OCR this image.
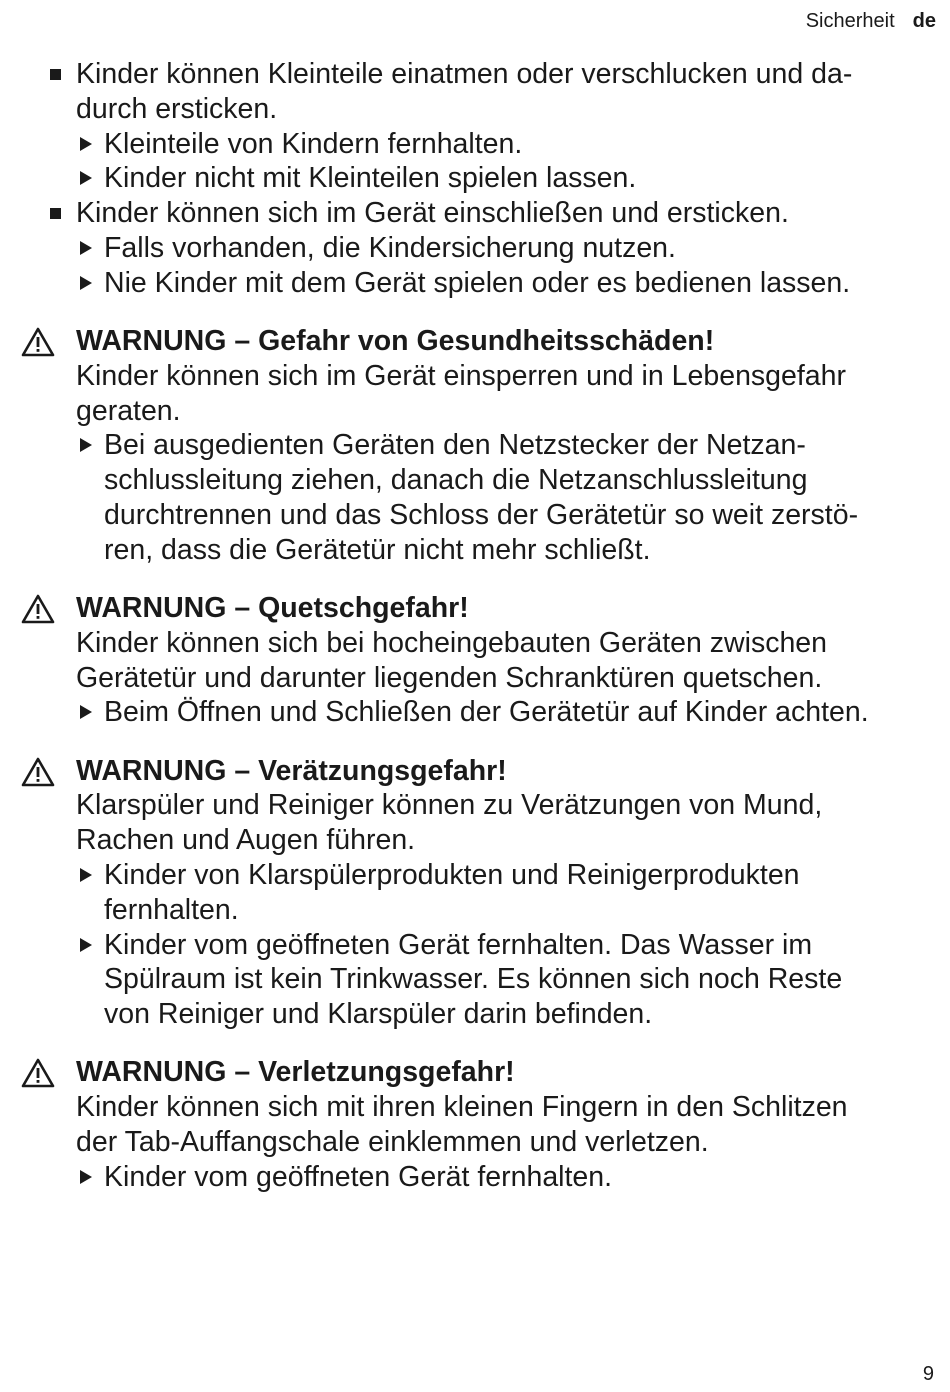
Sicherheit de
Kinder können Kleinteile einatmen oder verschlucken und da-
durch ersticken.
Kleinteile von Kindern fernhalten.
Kinder nicht mit Kleinteilen spielen lassen.
Kinder können sich im Gerät einschließen und ersticken.
Falls vorhanden, die Kindersicherung nutzen.
Nie Kinder mit dem Gerät spielen oder es bedienen lassen.
WARNUNG – Gefahr von Gesundheitsschäden!
Kinder können sich im Gerät einsperren und in Lebensgefahr
geraten.
Bei ausgedienten Geräten den Netzstecker der Netzan-
schlussleitung ziehen, danach die Netzanschlussleitung
durchtrennen und das Schloss der Gerätetür so weit zerstö-
ren, dass die Gerätetür nicht mehr schließt.
WARNUNG – Quetschgefahr!
Kinder können sich bei hocheingebauten Geräten zwischen
Gerätetür und darunter liegenden Schranktüren quetschen.
Beim Öffnen und Schließen der Gerätetür auf Kinder achten.
WARNUNG – Verätzungsgefahr!
Klarspüler und Reiniger können zu Verätzungen von Mund,
Rachen und Augen führen.
Kinder von Klarspülerprodukten und Reinigerprodukten
fernhalten.
Kinder vom geöffneten Gerät fernhalten. Das Wasser im
Spülraum ist kein Trinkwasser. Es können sich noch Reste
von Reiniger und Klarspüler darin befinden.
WARNUNG – Verletzungsgefahr!
Kinder können sich mit ihren kleinen Fingern in den Schlitzen
der Tab-Auffangschale einklemmen und verletzen.
Kinder vom geöffneten Gerät fernhalten.
9
